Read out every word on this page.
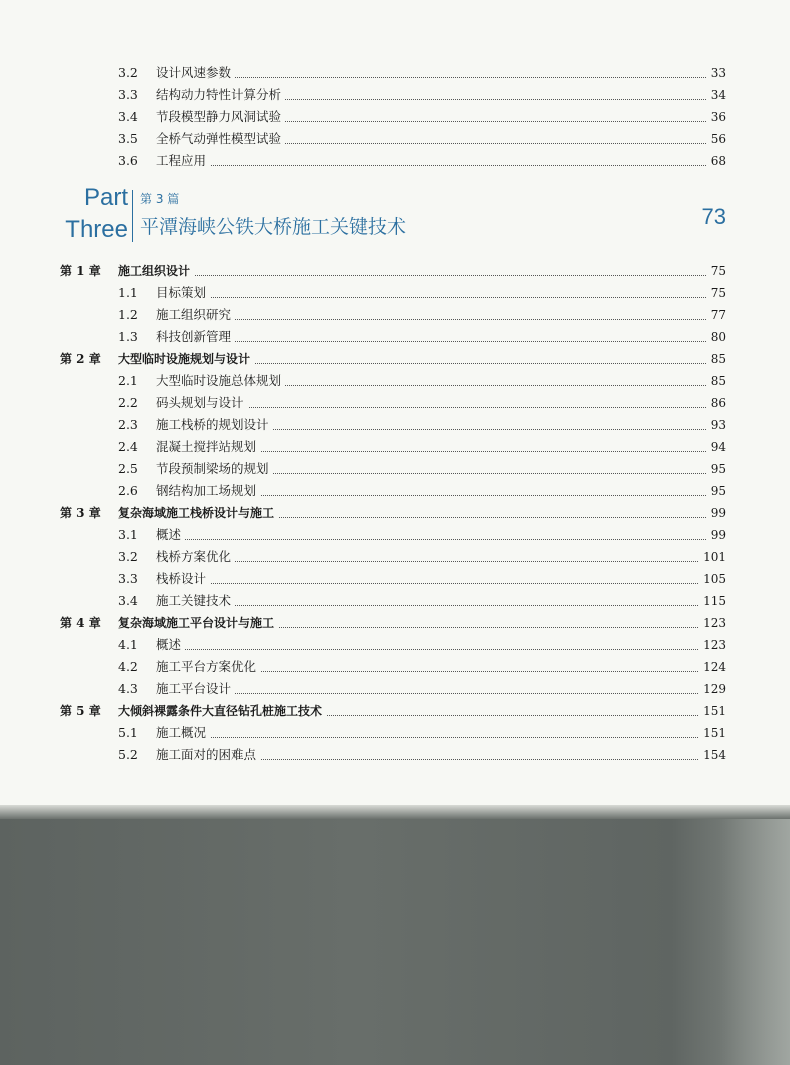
3.2 设计风速参数	33
3.3 结构动力特性计算分析	34
3.4 节段模型静力风洞试验	36
3.5 全桥气动弹性模型试验	56
3.6 工程应用	68
Part
Three
第 3 篇
平潭海峡公铁大桥施工关键技术	73
第 1 章	施工组织设计	75
1.1 目标策划	75
1.2 施工组织研究	77
1.3 科技创新管理	80
第 2 章	大型临时设施规划与设计	85
2.1 大型临时设施总体规划	85
2.2 码头规划与设计	86
2.3 施工栈桥的规划设计	93
2.4 混凝土搅拌站规划	94
2.5 节段预制梁场的规划	95
2.6 钢结构加工场规划	95
第 3 章	复杂海域施工栈桥设计与施工	99
3.1 概述	99
3.2 栈桥方案优化	101
3.3 栈桥设计	105
3.4 施工关键技术	115
第 4 章	复杂海域施工平台设计与施工	123
4.1 概述	123
4.2 施工平台方案优化	124
4.3 施工平台设计	129
第 5 章	大倾斜裸露条件大直径钻孔桩施工技术	151
5.1 施工概况	151
5.2 施工面对的困难点	154
